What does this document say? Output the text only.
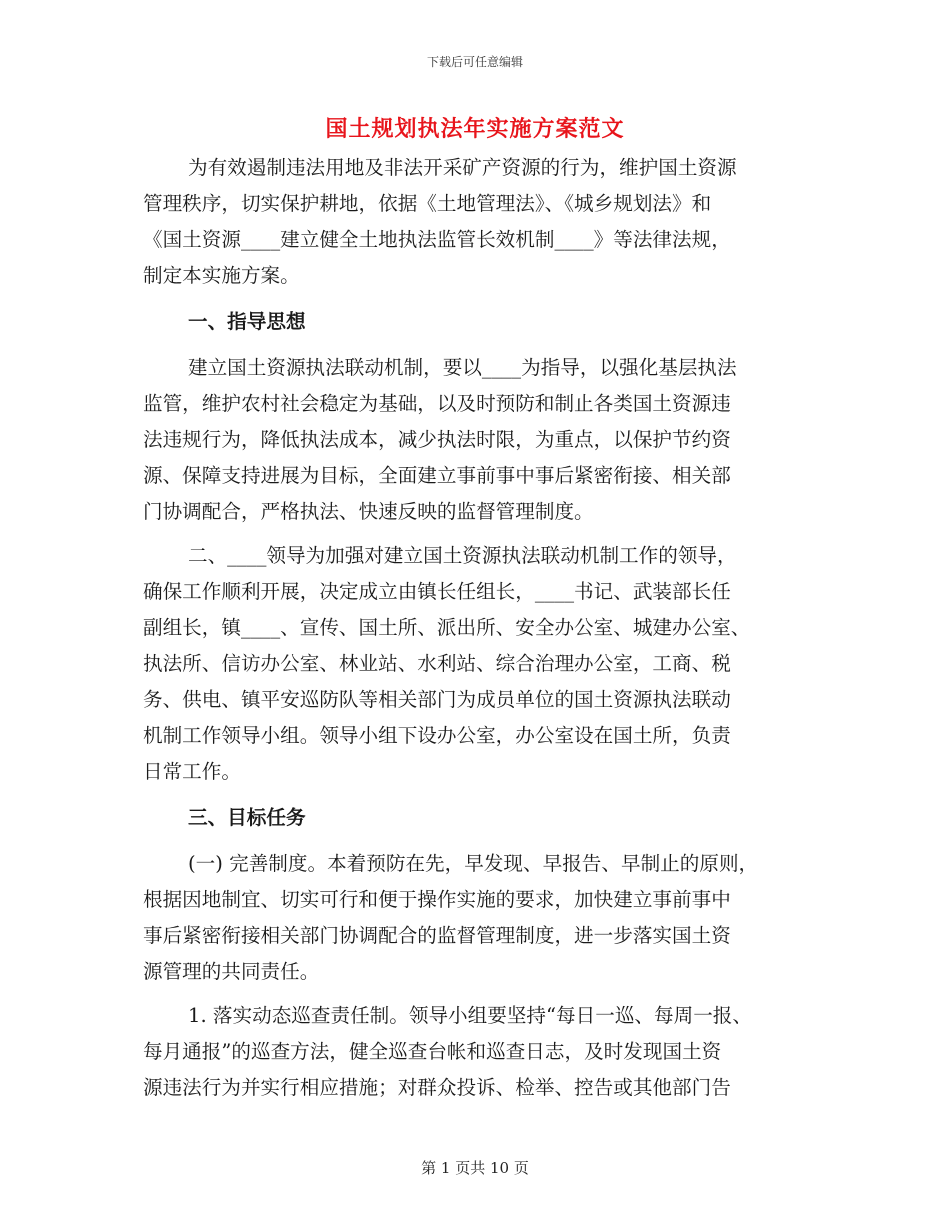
下载后可任意编辑
国土规划执法年实施方案范文
为有效遏制违法用地及非法开采矿产资源的行为，维护国土资源
管理秩序，切实保护耕地，依据《土地管理法》、《城乡规划法》和
《国土资源____建立健全土地执法监管长效机制____》等法律法规，
制定本实施方案。
一、指导思想
建立国土资源执法联动机制，要以____为指导，以强化基层执法
监管，维护农村社会稳定为基础，以及时预防和制止各类国土资源违
法违规行为，降低执法成本，减少执法时限，为重点，以保护节约资
源、保障支持进展为目标，全面建立事前事中事后紧密衔接、相关部
门协调配合，严格执法、快速反映的监督管理制度。
二、____领导为加强对建立国土资源执法联动机制工作的领导，
确保工作顺利开展，决定成立由镇长任组长，____书记、武装部长任
副组长，镇____、宣传、国土所、派出所、安全办公室、城建办公室、
执法所、信访办公室、林业站、水利站、综合治理办公室，工商、税
务、供电、镇平安巡防队等相关部门为成员单位的国土资源执法联动
机制工作领导小组。领导小组下设办公室，办公室设在国土所，负责
日常工作。
三、目标任务
(一) 完善制度。本着预防在先，早发现、早报告、早制止的原则，
根据因地制宜、切实可行和便于操作实施的要求，加快建立事前事中
事后紧密衔接相关部门协调配合的监督管理制度，进一步落实国土资
源管理的共同责任。
1. 落实动态巡查责任制。领导小组要坚持“每日一巡、每周一报、
每月通报”的巡查方法，健全巡查台帐和巡查日志，及时发现国土资
源违法行为并实行相应措施；对群众投诉、检举、控告或其他部门告
第 1 页共 10 页
